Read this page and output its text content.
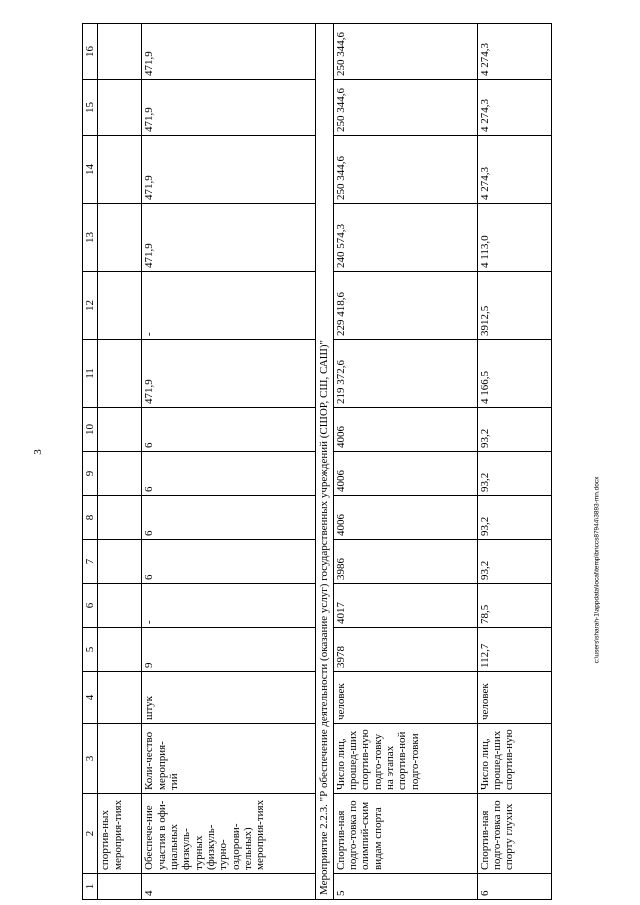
3
1	2	3	4	5	6	7	8	9	10	11	12	13	14	15	16
	спортив-ных мероприя-тиях														
4	Обеспече-ние участия в офи-циальных физкуль-турных (физкуль-турно-оздорови-тельных) мероприя-тиях	Коли-чество мероприя-тий	штук	9	-	6	6	6	6	471,9	-	471,9	471,9	471,9	471,9
Мероприятие 2.2.3. "Р обеспечение деятельности (оказание услуг) государственных учреждений (СШОР, СШ, САШ)"															
5	Спортив-ная подго-товка по олимпий-ским видам спорта	Число лиц, прошед-ших спортив-ную подго-товку на этапах спортив-ной подго-товки	человек	3978	4017	3986	4006	4006	4006	219 372,6	229 418,6	240 574,3	250 344,6	250 344,6	250 344,6
6	Спортив-ная подго-товка по спорту глухих	Число лиц, прошед-ших спортив-ную	человек	112,7	78,5	93,2	93,2	93,2	93,2	4 166,5	3912,5	4 113,0	4 274,3	4 274,3	4 274,3
c:\users\sharah-1\appdata\local\temp\bnccs87944\3893-mn.docx
